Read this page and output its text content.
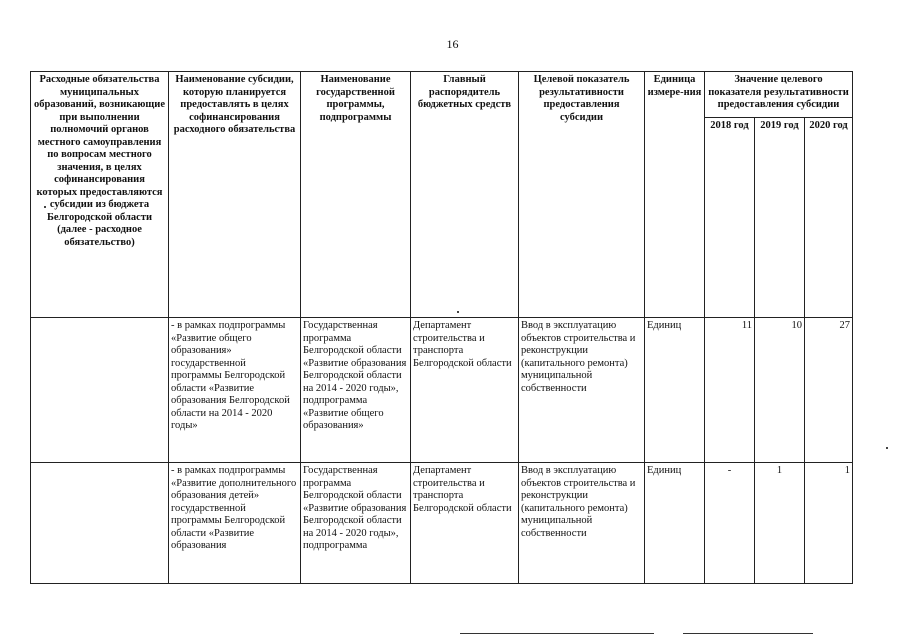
16
Расходные обязательства муниципальных образований, возникающие при выполнении полномочий органов местного самоуправления по вопросам местного значения, в целях софинансирования которых предоставляются субсидии из бюджета Белгородской области (далее - расходное обязательство)	Наименование субсидии, которую планируется предоставлять в целях софинансирования расходного обязательства	Наименование государственной программы, подпрограммы	Главный распорядитель бюджетных средств	Целевой показатель результативности предоставления субсидии	Единица измере-ния	Значение целевого показателя результативности предоставления субсидии		
						2018 год	2019 год	2020 год
	- в рамках подпрограммы «Развитие общего образования» государственной программы Белгородской области «Развитие образования Белгородской области на 2014 - 2020 годы»	Государственная программа Белгородской области «Развитие образования Белгородской области на 2014 - 2020 годы», подпрограмма «Развитие общего образования»	Департамент строительства и транспорта Белгородской области	Ввод в эксплуатацию объектов строительства и реконструкции (капитального ремонта) муниципальной собственности	Единиц	11	10	27
	- в рамках подпрограммы «Развитие дополнительного образования детей» государственной программы Белгородской области «Развитие образования	Государственная программа Белгородской области «Развитие образования Белгородской области на 2014 - 2020 годы», подпрограмма	Департамент строительства и транспорта Белгородской области	Ввод в эксплуатацию объектов строительства и реконструкции (капитального ремонта) муниципальной собственности	Единиц	-	1	1
